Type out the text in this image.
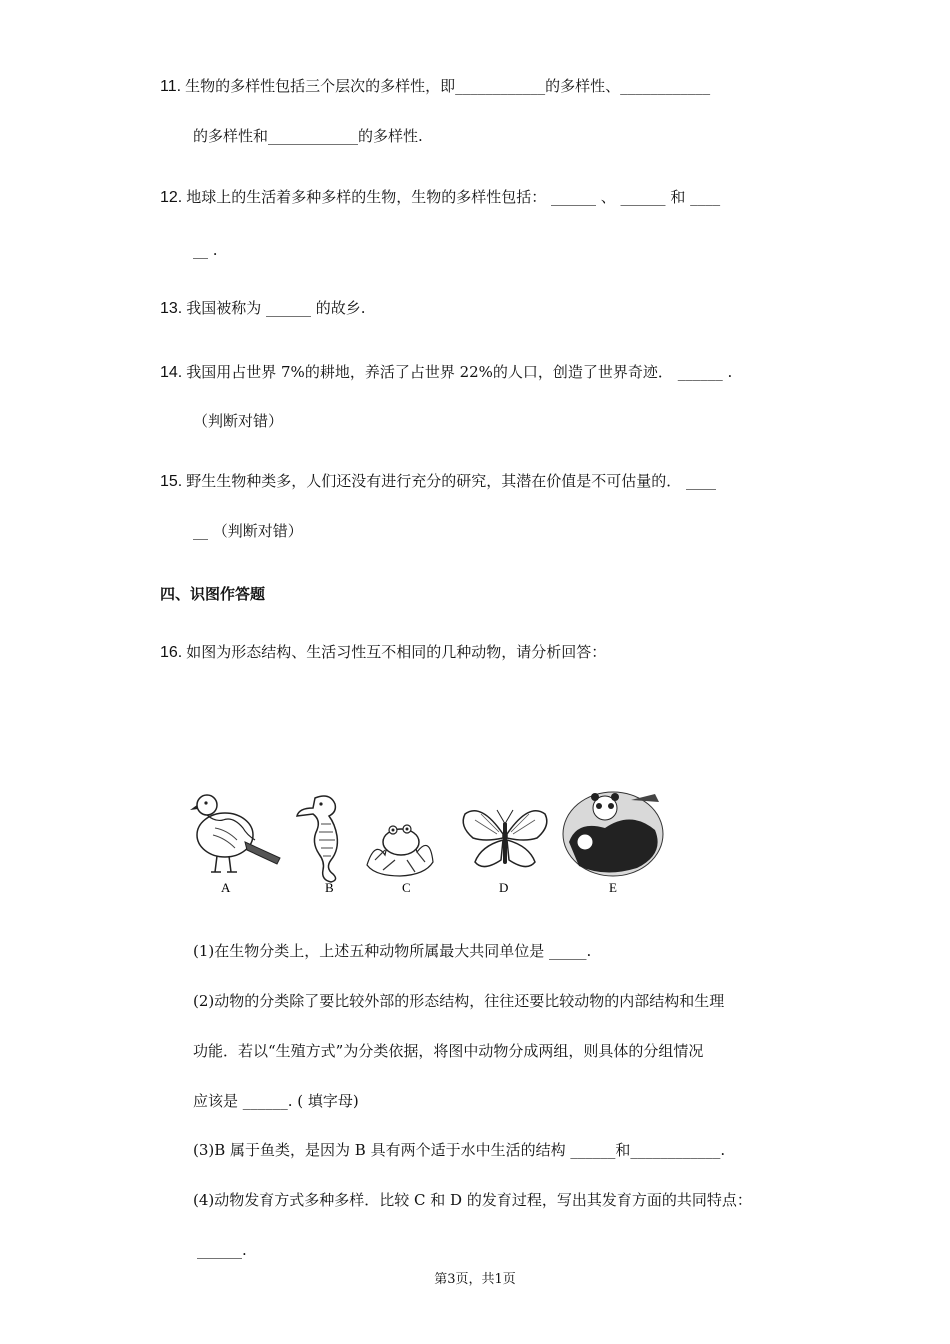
11. 生物的多样性包括三个层次的多样性，即____________的多样性、____________
的多样性和____________的多样性.
12. 地球上的生活着多种多样的生物，生物的多样性包括： ______ 、 ______ 和 ____
__ .
13. 我国被称为 ______ 的故乡.
14. 我国用占世界 7%的耕地，养活了占世界 22%的人口，创造了世界奇迹． ______ .
（判断对错）
15. 野生生物种类多，人们还没有进行充分的研究，其潜在价值是不可估量的． ____
__ （判断对错）
四、识图作答题
16. 如图为形态结构、生活习性互不相同的几种动物，请分析回答：
A	B	C	D	E
(1)在生物分类上，上述五种动物所属最大共同单位是 _____.
(2)动物的分类除了要比较外部的形态结构，往往还要比较动物的内部结构和生理
功能．若以“生殖方式”为分类依据，将图中动物分成两组，则具体的分组情况
应该是 ______. ( 填字母)
(3)B 属于鱼类，是因为 B 具有两个适于水中生活的结构 ______和____________.
(4)动物发育方式多种多样．比较 C 和 D 的发育过程，写出其发育方面的共同特点：
______.
第3页，共1页
